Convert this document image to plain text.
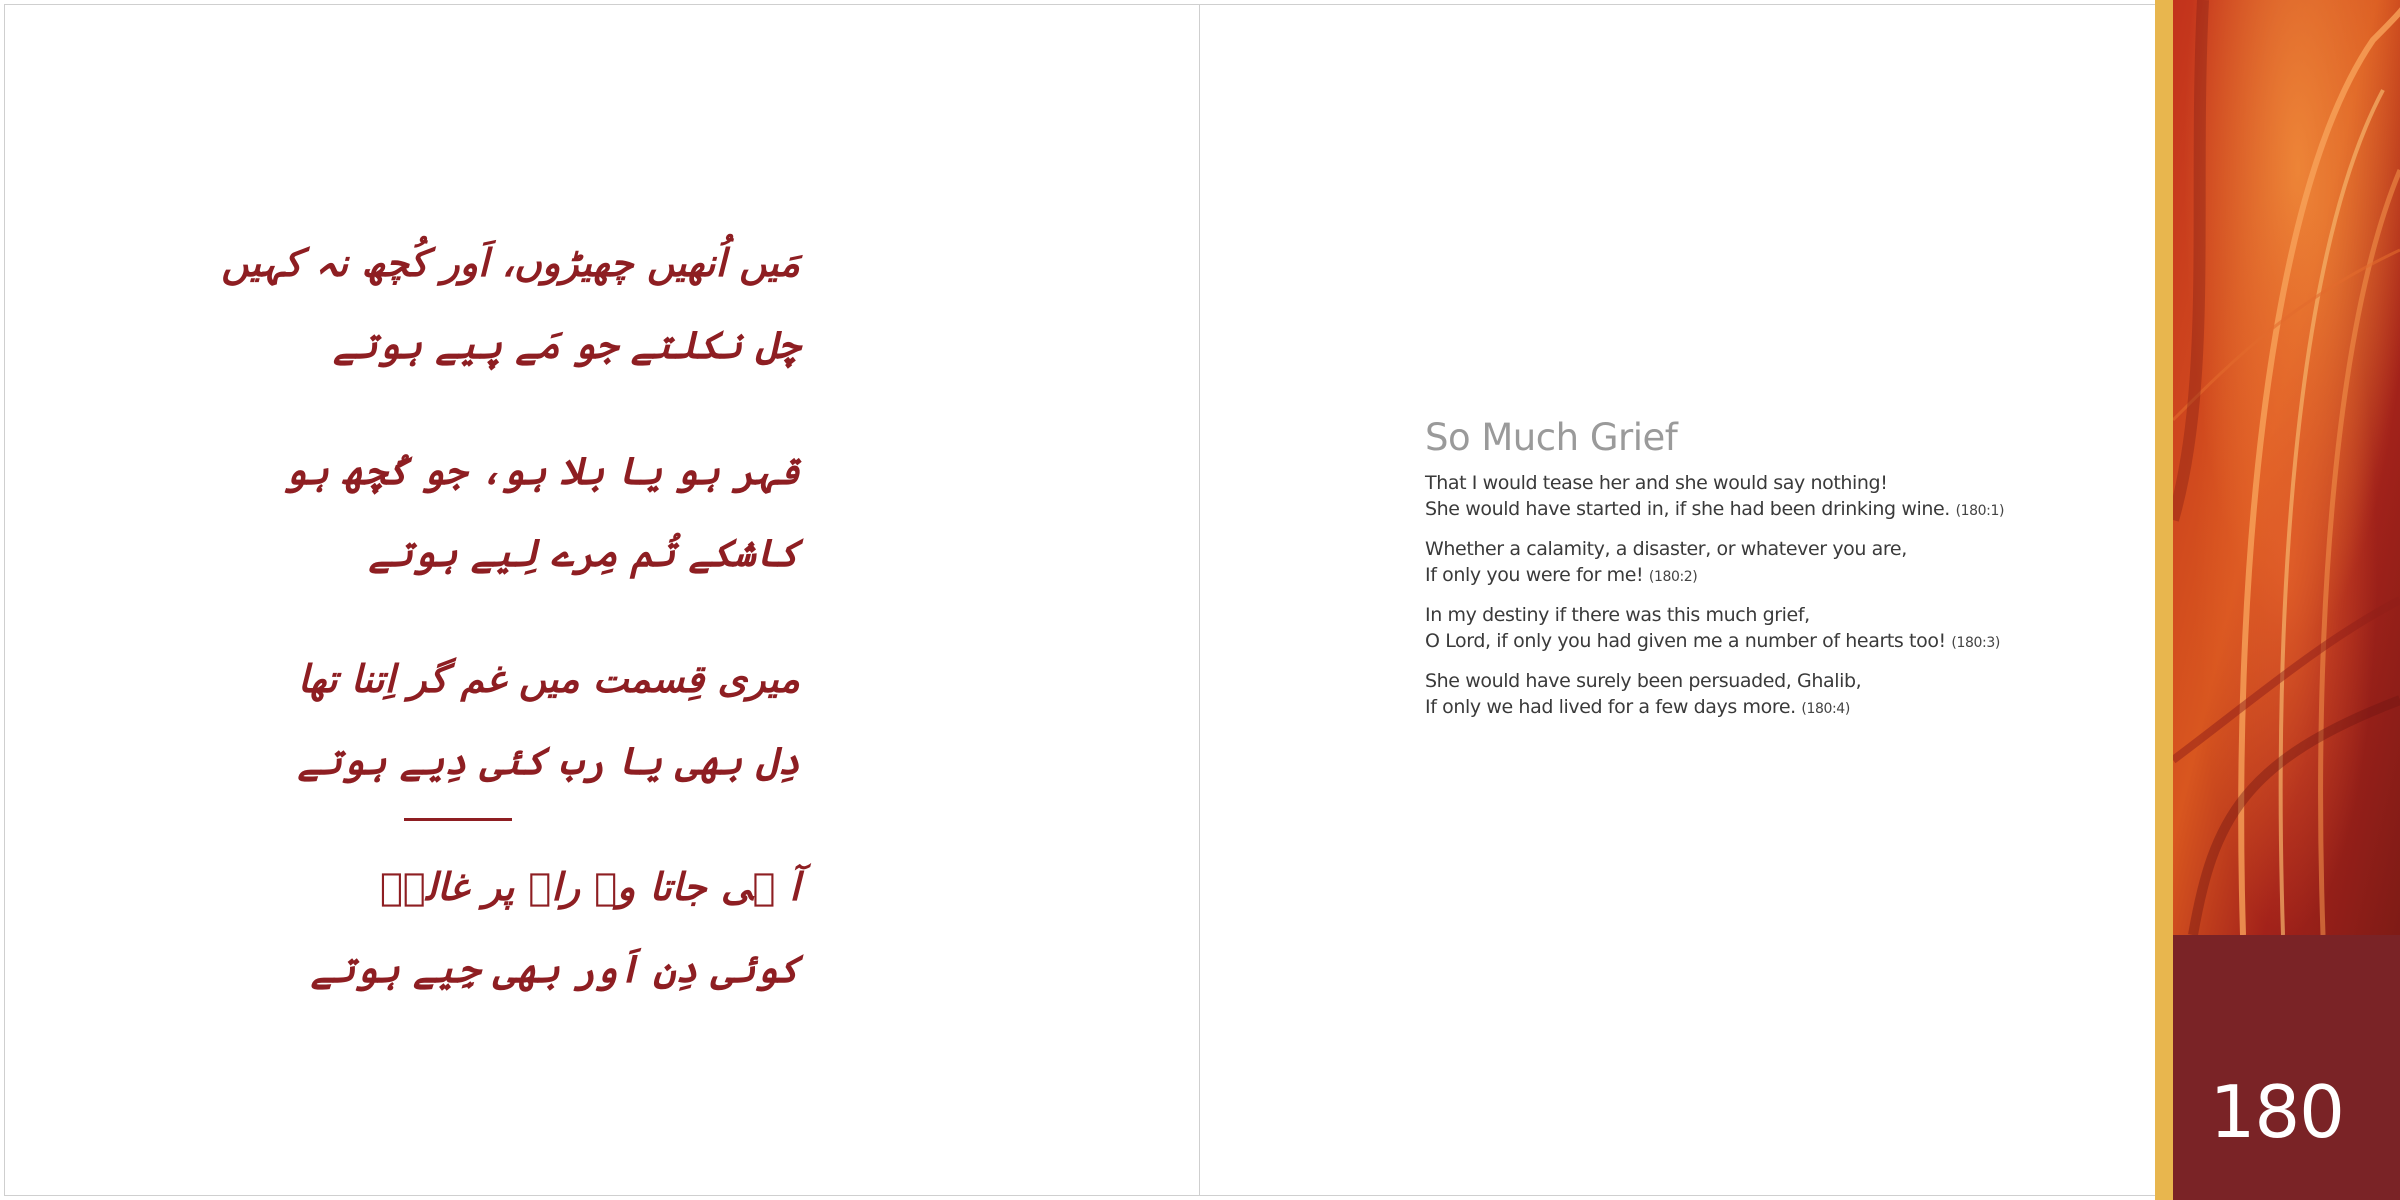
مَیں اُنھیں چھیڑوں، اَور کُچھ نہ کہیں
چل نکلتے جو مَے پیے ہوتے
قہر ہو یا بلا ہو، جو کُچھ ہو
کاشکے تُم مِرے لِیے ہوتے
میری قِسمت میں غم گر اِتنا تھا
دِل بھی یا رب کئی دِیے ہوتے
آ ہی جاتا وہ راہ پر غالبؔ
کوئی دِن اَور بھی جِیے ہوتے
So Much Grief
That I would tease her and she would say nothing!
She would have started in, if she had been drinking wine. (180:1)
Whether a calamity, a disaster, or whatever you are,
If only you were for me! (180:2)
In my destiny if there was this much grief,
O Lord, if only you had given me a number of hearts too! (180:3)
She would have surely been persuaded, Ghalib,
If only we had lived for a few days more. (180:4)
180
